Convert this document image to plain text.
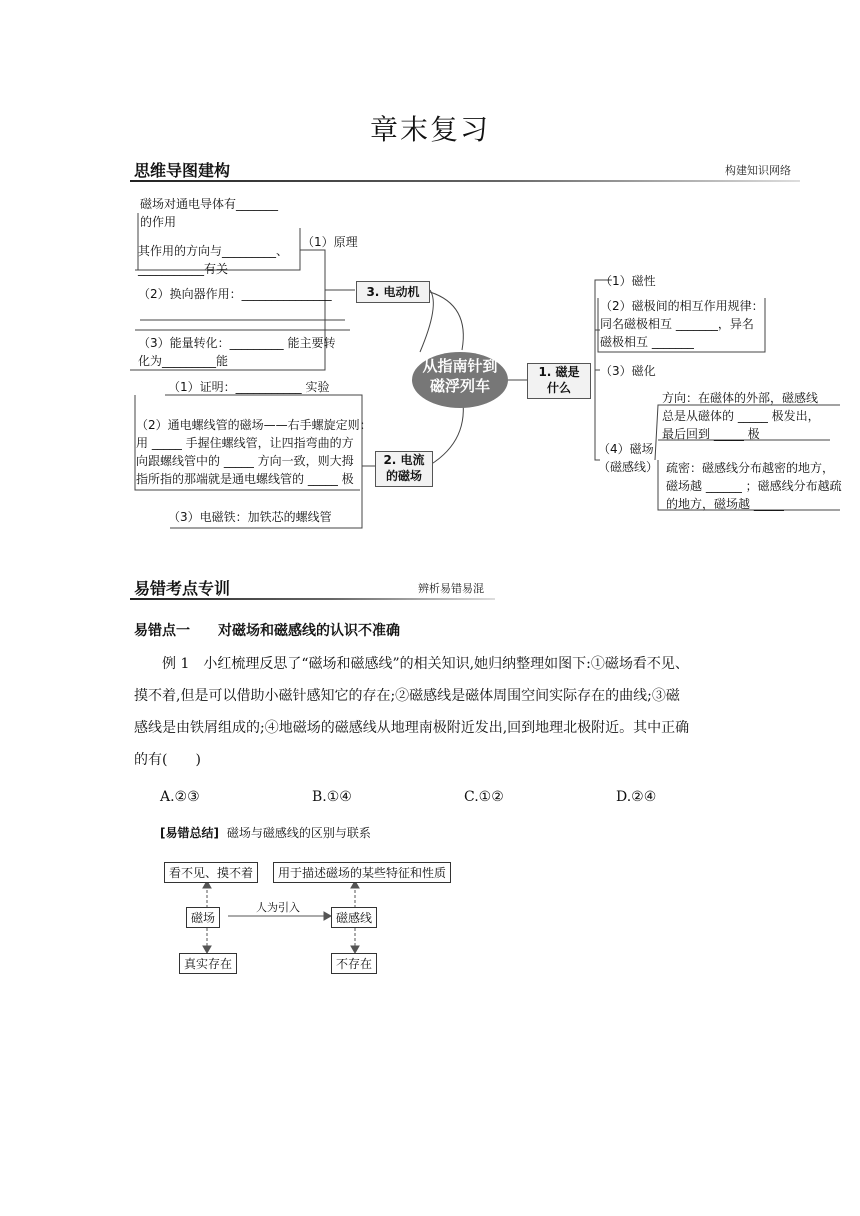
章末复习
思维导图建构	构建知识网络
从指南针到
磁浮列车
1. 磁是
什么
2. 电流
的磁场
3. 电动机
（1）磁性
（2）磁极间的相互作用规律：
同名磁极相互 _______，异名
磁极相互 _______
（3）磁化
（4）磁场
（磁感线）
方向：在磁体的外部，磁感线
总是从磁体的 _____ 极发出，
最后回到 _____ 极
疏密：磁感线分布越密的地方，
磁场越 ______ ；磁感线分布越疏
的地方，磁场越 _____
（1）证明：___________ 实验
（2）通电螺线管的磁场——右手螺旋定则：
用 _____ 手握住螺线管，让四指弯曲的方
向跟螺线管中的 _____ 方向一致，则大拇
指所指的那端就是通电螺线管的 _____ 极
（3）电磁铁：加铁芯的螺线管
磁场对通电导体有_______
的作用
其作用的方向与_________、
___________有关
（1）原理
（2）换向器作用：_______________
（3）能量转化：_________ 能主要转
化为_________能
易错考点专训	辨析易错易混
易错点一　　对磁场和磁感线的认识不准确
例 1　小红梳理反思了“磁场和磁感线”的相关知识,她归纳整理如图下:①磁场看不见、
摸不着,但是可以借助小磁针感知它的存在;②磁感线是磁体周围空间实际存在的曲线;③磁
感线是由铁屑组成的;④地磁场的磁感线从地理南极附近发出,回到地理北极附近。其中正确
的有(　　)
A.②③	B.①④	C.①②	D.②④
[易错总结] 磁场与磁感线的区别与联系
看不见、摸不着	用于描述磁场的某些特征和性质
磁场	磁感线
人为引入
真实存在	不存在
